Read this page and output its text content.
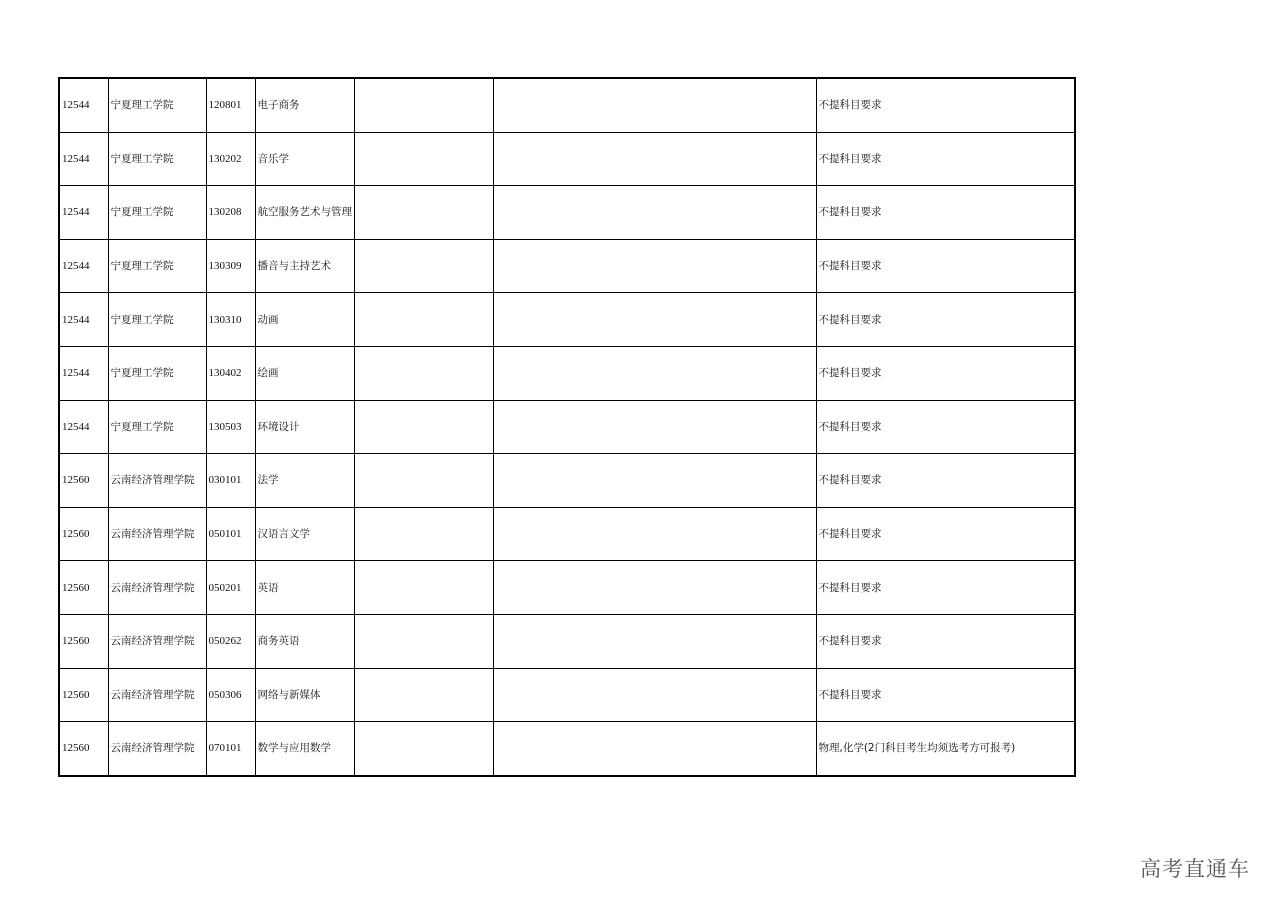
12544	宁夏理工学院	120801	电子商务			不提科目要求
12544	宁夏理工学院	130202	音乐学			不提科目要求
12544	宁夏理工学院	130208	航空服务艺术与管理			不提科目要求
12544	宁夏理工学院	130309	播音与主持艺术			不提科目要求
12544	宁夏理工学院	130310	动画			不提科目要求
12544	宁夏理工学院	130402	绘画			不提科目要求
12544	宁夏理工学院	130503	环境设计			不提科目要求
12560	云南经济管理学院	030101	法学			不提科目要求
12560	云南经济管理学院	050101	汉语言文学			不提科目要求
12560	云南经济管理学院	050201	英语			不提科目要求
12560	云南经济管理学院	050262	商务英语			不提科目要求
12560	云南经济管理学院	050306	网络与新媒体			不提科目要求
12560	云南经济管理学院	070101	数学与应用数学			物理,化学(2门科目考生均须选考方可报考)
高考直通车
